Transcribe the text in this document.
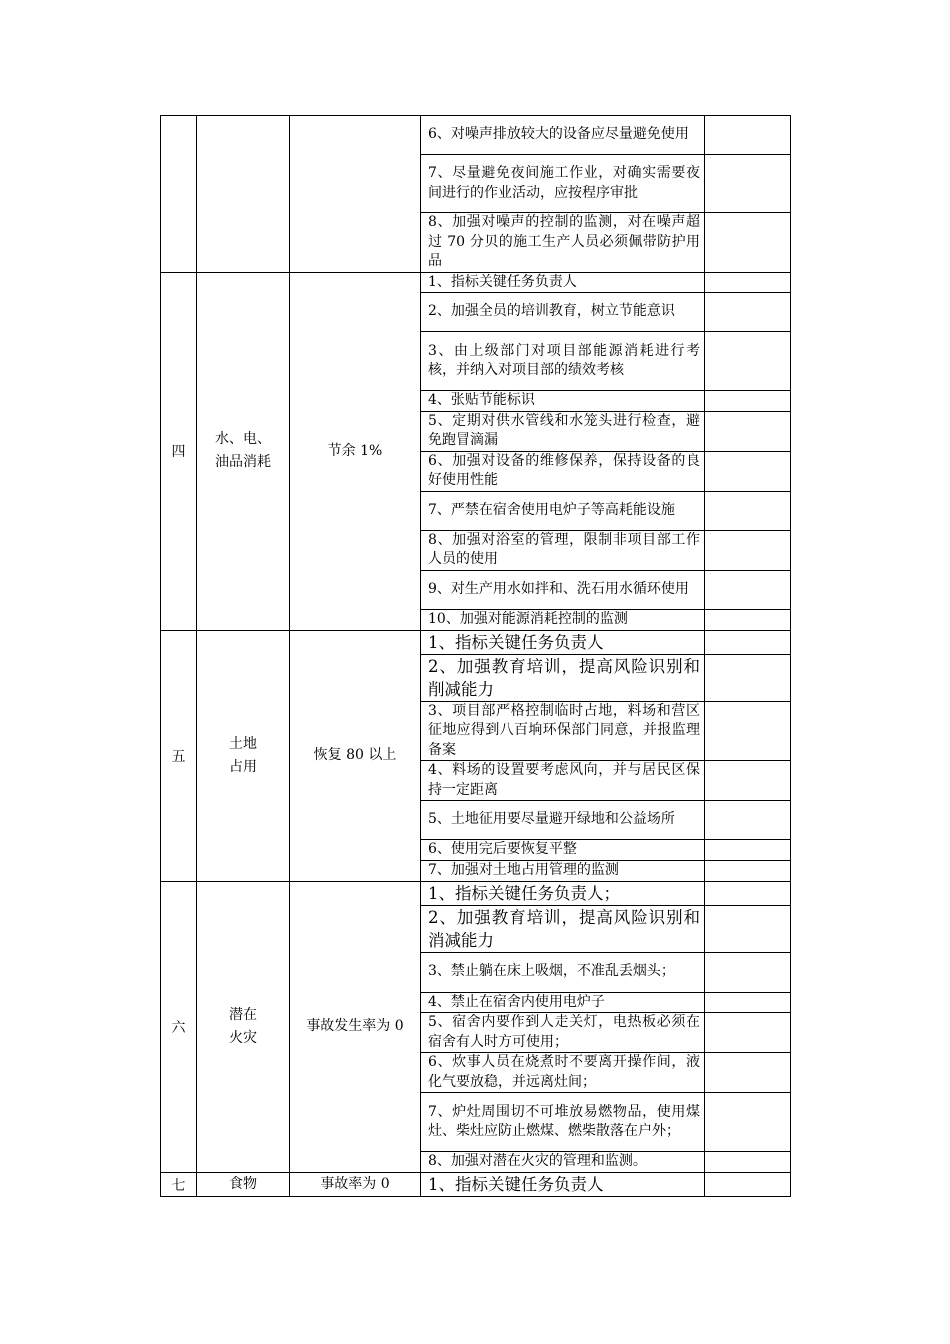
			6、对噪声排放较大的设备应尽量避免使用	
			7、尽量避免夜间施工作业，对确实需要夜间进行的作业活动，应按程序审批	
			8、加强对噪声的控制的监测，对在噪声超过 70 分贝的施工生产人员必须佩带防护用品	
四	水、电、油品消耗	节余 1%	1、指标关键任务负责人	
			2、加强全员的培训教育，树立节能意识	
			3、由上级部门对项目部能源消耗进行考核，并纳入对项目部的绩效考核	
			4、张贴节能标识	
			5、定期对供水管线和水笼头进行检查，避免跑冒滴漏	
			6、加强对设备的维修保养，保持设备的良好使用性能	
			7、严禁在宿舍使用电炉子等高耗能设施	
			8、加强对浴室的管理，限制非项目部工作人员的使用	
			9、对生产用水如拌和、洗石用水循环使用	
			10、加强对能源消耗控制的监测	
五	土地占用	恢复 80 以上	1、指标关键任务负责人	
			2、加强教育培训，提高风险识别和削减能力	
			3、项目部严格控制临时占地，料场和营区征地应得到八百垧环保部门同意，并报监理备案	
			4、料场的设置要考虑风向，并与居民区保持一定距离	
			5、土地征用要尽量避开绿地和公益场所	
			6、使用完后要恢复平整	
			7、加强对土地占用管理的监测	
六	潜在火灾	事故发生率为 0	1、指标关键任务负责人；	
			2、加强教育培训，提高风险识别和消减能力	
			3、禁止躺在床上吸烟，不准乱丢烟头；	
			4、禁止在宿舍内使用电炉子	
			5、宿舍内要作到人走关灯，电热板必须在宿舍有人时方可使用；	
			6、炊事人员在烧煮时不要离开操作间，液化气要放稳，并远离灶间；	
			7、炉灶周围切不可堆放易燃物品，使用煤灶、柴灶应防止燃煤、燃柴散落在户外；	
			8、加强对潜在火灾的管理和监测。	
七	食物	事故率为 0	1、指标关键任务负责人	
